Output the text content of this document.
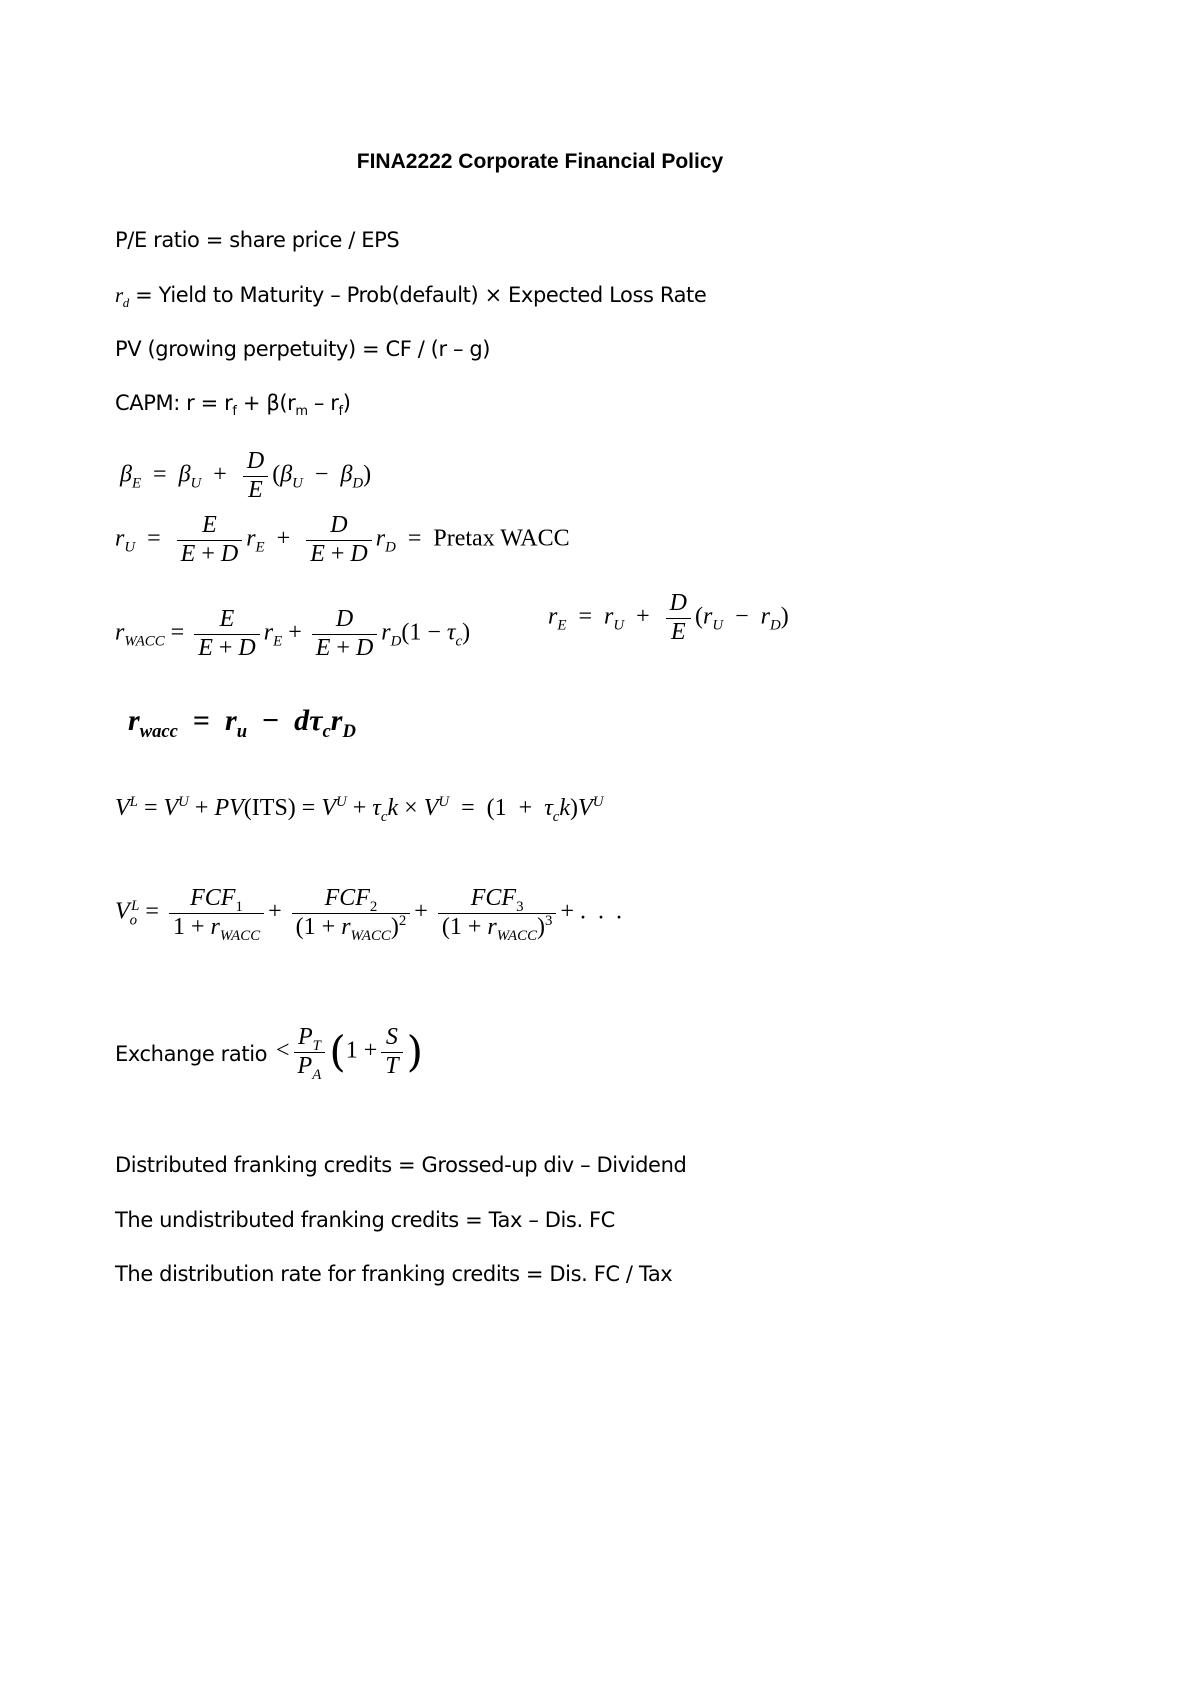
FINA2222 Corporate Financial Policy
P/E ratio = share price / EPS
$r_d$ = Yield to Maturity – Prob(default) × Expected Loss Rate
PV (growing perpetuity) = CF / (r – g)
CAPM: $r = r_f + \beta(r_m - r_f)$
$\beta_E = \beta_U + \frac{D}{E} (\beta_U - \beta_D)$
$r_U = \frac{E}{E + D} r_E + \frac{D}{E + D} r_D$  =  Pretax WACC
$r_{WACC} = \frac{E}{E + D} r_E + \frac{D}{E + D} r_D(1 - \tau_c)$
$r_E = r_U + \frac{D}{E} (r_U - r_D)$
$r_{wacc} = r_u - d\tau_cr_D$
$V^L = V^U + PV(ITS) = V^U + \tau_ck \times V^U = (1 + \tau_ck)V^U$
$V_o^L = \frac{FCF_1}{1 + r_{WACC}} + \frac{FCF_2}{(1 + r_{WACC})^2} + \frac{FCF_3}{(1 + r_{WACC})^3}$ + .  .  .
Exchange ratio < $\frac{P_T}{P_A} (1 + \frac{S}{T}$ )
Distributed franking credits = Grossed-up div – Dividend
The undistributed franking credits = Tax – Dis. FC
The distribution rate for franking credits = Dis. FC / Tax
